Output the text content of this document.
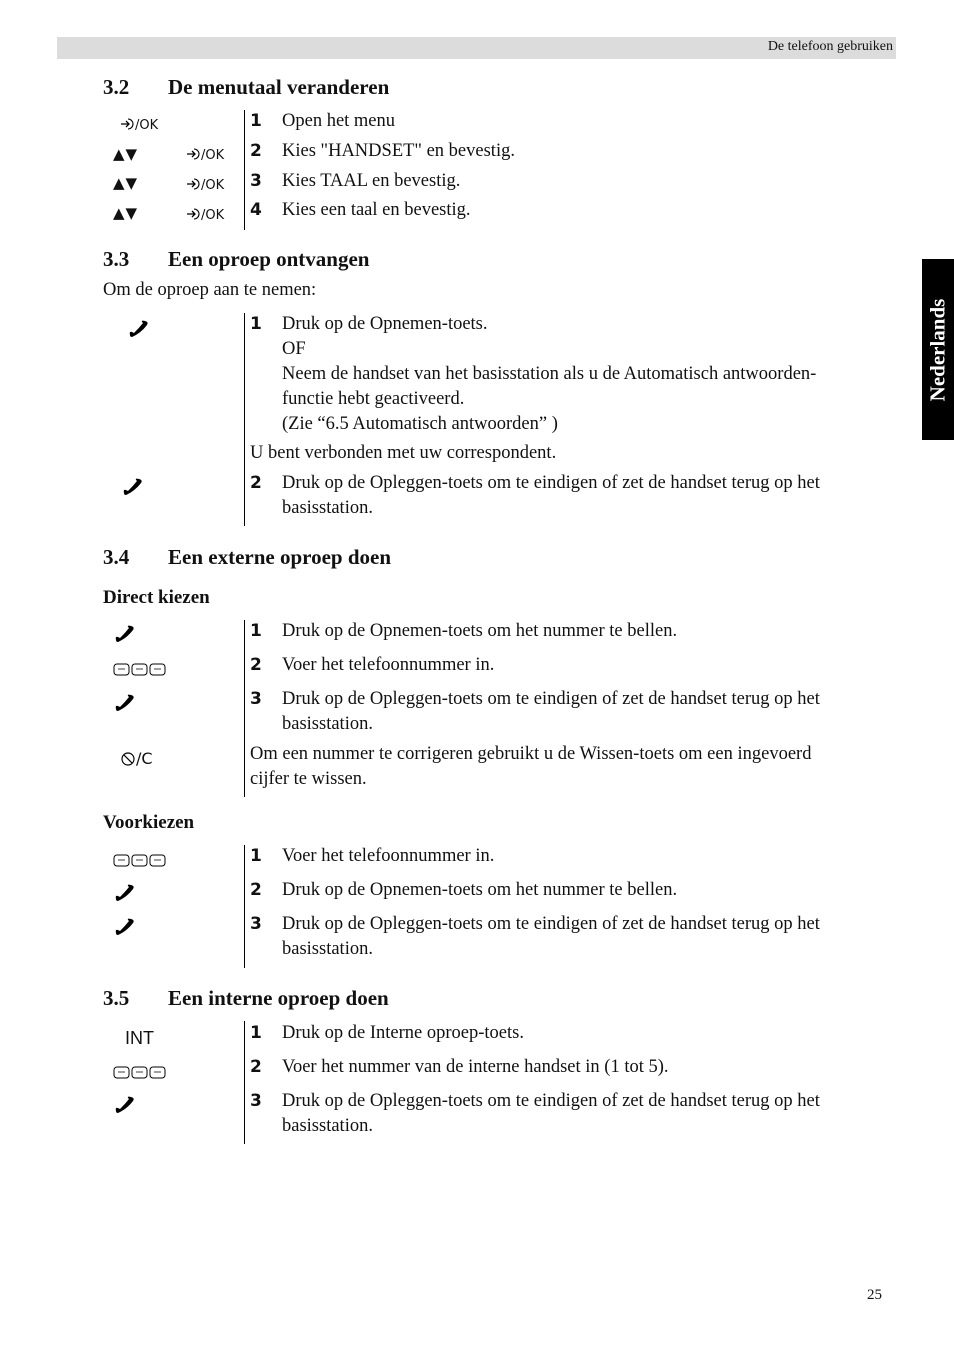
De telefoon gebruiken
Nederlands
3.2 De menutaal veranderen
/OK
▲▼	/OK
▲▼	/OK
▲▼	/OK
1	Open het menu
2	Kies "HANDSET" en bevestig.
3	Kies TAAL en bevestig.
4	Kies een taal en bevestig.
3.3 Een oproep ontvangen
Om de oproep aan te nemen:
1	Druk op de Opnemen-toets.
OF
Neem de handset van het basisstation als u de Automatisch antwoorden-
functie hebt geactiveerd.
(Zie “6.5 Automatisch antwoorden” )
U bent verbonden met uw correspondent.
2	Druk op de Opleggen-toets om te eindigen of zet de handset terug op het
basisstation.
3.4 Een externe oproep doen
Direct kiezen
/C
1	Druk op de Opnemen-toets om het nummer te bellen.
2	Voer het telefoonnummer in.
3	Druk op de Opleggen-toets om te eindigen of zet de handset terug op het
basisstation.
Om een nummer te corrigeren gebruikt u de Wissen-toets om een ingevoerd
cijfer te wissen.
Voorkiezen
1	Voer het telefoonnummer in.
2	Druk op de Opnemen-toets om het nummer te bellen.
3	Druk op de Opleggen-toets om te eindigen of zet de handset terug op het
basisstation.
3.5 Een interne oproep doen
INT	1	Druk op de Interne oproep-toets.
2	Voer het nummer van de interne handset in (1 tot 5).
3	Druk op de Opleggen-toets om te eindigen of zet de handset terug op het
basisstation.
25
